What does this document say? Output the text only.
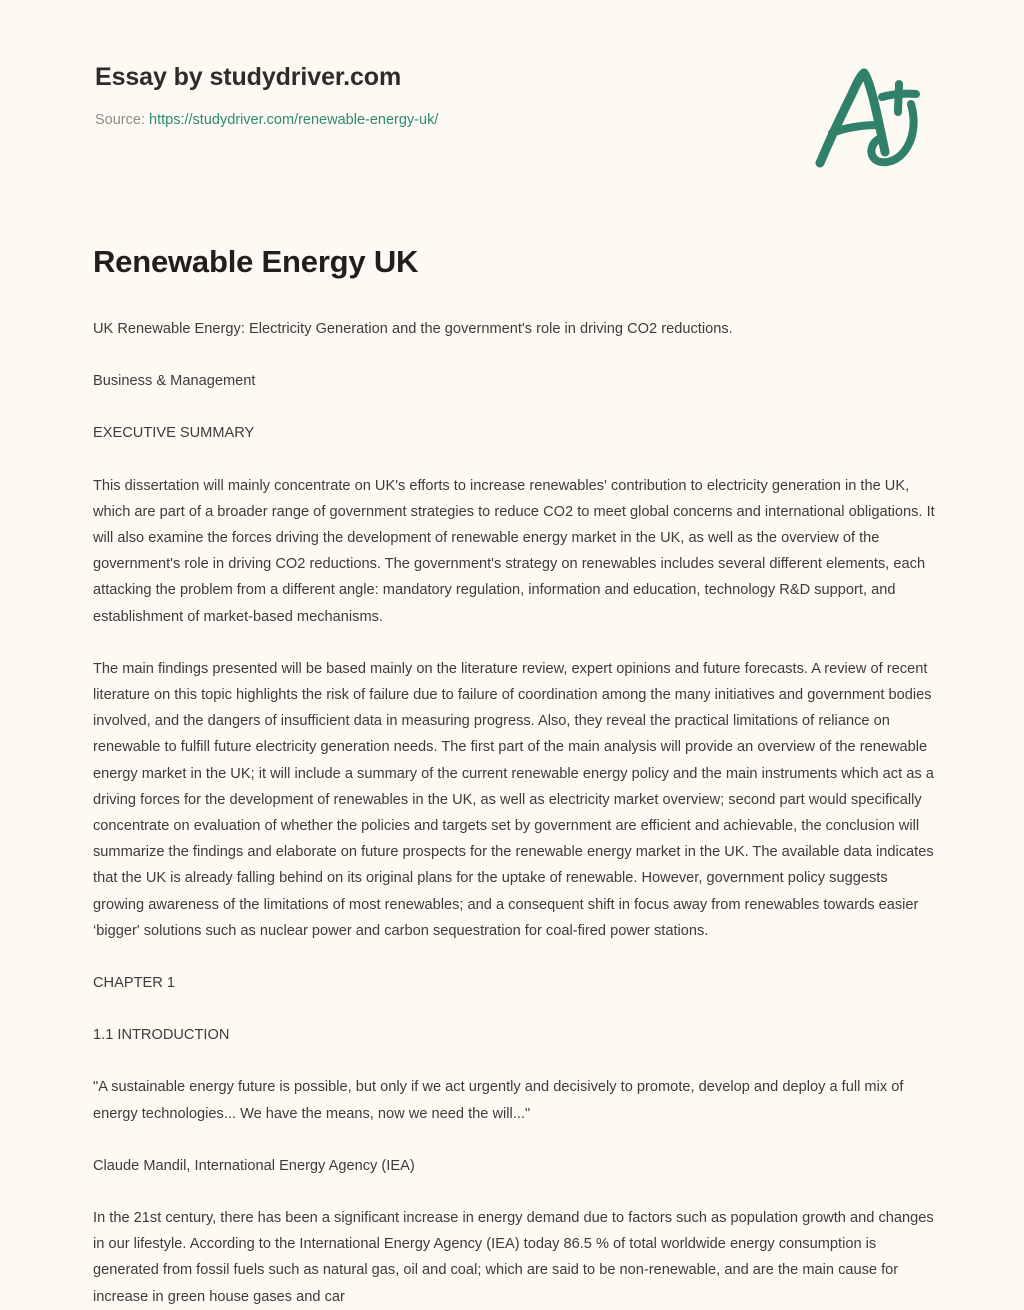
Essay by studydriver.com

Source: https://studydriver.com/renewable-energy-uk/

Renewable Energy UK

UK Renewable Energy: Electricity Generation and the government's role in driving CO2 reductions.

Business & Management

EXECUTIVE SUMMARY

This dissertation will mainly concentrate on UK's efforts to increase renewables' contribution to electricity generation in the UK, which are part of a broader range of government strategies to reduce CO2 to meet global concerns and international obligations. It will also examine the forces driving the development of renewable energy market in the UK, as well as the overview of the government's role in driving CO2 reductions. The government's strategy on renewables includes several different elements, each attacking the problem from a different angle: mandatory regulation, information and education, technology R&D support, and establishment of market-based mechanisms.

The main findings presented will be based mainly on the literature review, expert opinions and future forecasts. A review of recent literature on this topic highlights the risk of failure due to failure of coordination among the many initiatives and government bodies involved, and the dangers of insufficient data in measuring progress. Also, they reveal the practical limitations of reliance on renewable to fulfill future electricity generation needs. The first part of the main analysis will provide an overview of the renewable energy market in the UK; it will include a summary of the current renewable energy policy and the main instruments which act as a driving forces for the development of renewables in the UK, as well as electricity market overview; second part would specifically concentrate on evaluation of whether the policies and targets set by government are efficient and achievable, the conclusion will summarize the findings and elaborate on future prospects for the renewable energy market in the UK. The available data indicates that the UK is already falling behind on its original plans for the uptake of renewable. However, government policy suggests growing awareness of the limitations of most renewables; and a consequent shift in focus away from renewables towards easier ‘bigger' solutions such as nuclear power and carbon sequestration for coal-fired power stations.

CHAPTER 1

1.1 INTRODUCTION

"A sustainable energy future is possible, but only if we act urgently and decisively to promote, develop and deploy a full mix of energy technologies... We have the means, now we need the will..."

Claude Mandil, International Energy Agency (IEA)

In the 21st century, there has been a significant increase in energy demand due to factors such as population growth and changes in our lifestyle. According to the International Energy Agency (IEA) today 86.5 % of total worldwide energy consumption is generated from fossil fuels such as natural gas, oil and coal; which are said to be non-renewable, and are the main cause for increase in green house gases and car
